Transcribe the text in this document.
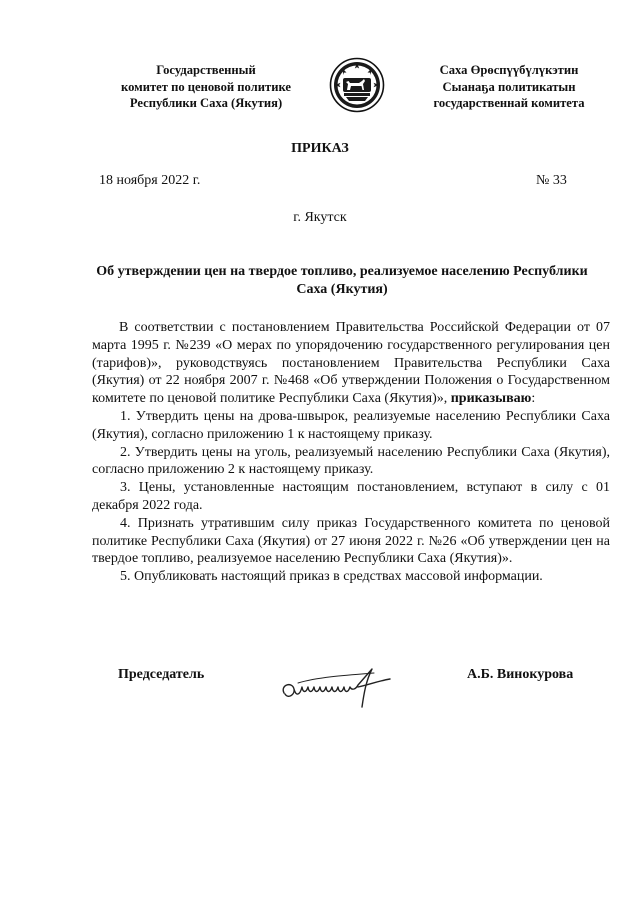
Государственный
комитет по ценовой политике
Республики Саха (Якутия)
Саха Өрөспүүбүлүкэтин
Сыанаҕа политикатын
государственнай комитета
ПРИКАЗ
18 ноября 2022 г.	№ 33
г. Якутск
Об утверждении цен на твердое топливо, реализуемое населению Республики Саха (Якутия)

В соответствии с постановлением Правительства Российской Федерации от 07 марта 1995 г. №239 «О мерах по упорядочению государственного регулирования цен (тарифов)», руководствуясь постановлением Правительства Республики Саха (Якутия) от 22 ноября 2007 г. №468 «Об утверждении Положения о Государственном комитете по ценовой политике Республики Саха (Якутия)», приказываю:

1. Утвердить цены на дрова-швырок, реализуемые населению Республики Саха (Якутия), согласно приложению 1 к настоящему приказу.

2. Утвердить цены на уголь, реализуемый населению Республики Саха (Якутия), согласно приложению 2 к настоящему приказу.

3. Цены, установленные настоящим постановлением, вступают в силу с 01 декабря 2022 года.

4. Признать утратившим силу приказ Государственного комитета по ценовой политике Республики Саха (Якутия) от 27 июня 2022 г. №26 «Об утверждении цен на твердое топливо, реализуемое населению Республики Саха (Якутия)».

5. Опубликовать настоящий приказ в средствах массовой информации.

Председатель	А.Б. Винокурова
